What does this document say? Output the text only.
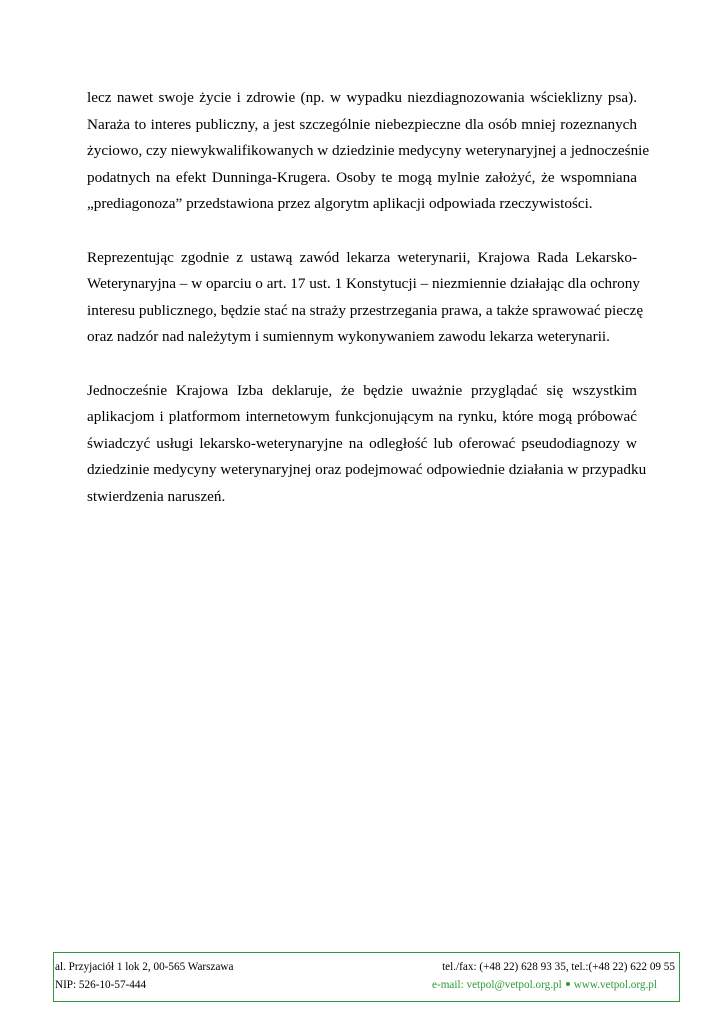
lecz nawet swoje życie i zdrowie (np. w wypadku niezdiagnozowania wścieklizny psa).
Naraża to interes publiczny, a jest szczególnie niebezpieczne dla osób mniej rozeznanych
życiowo, czy niewykwalifikowanych w dziedzinie medycyny weterynaryjnej a jednocześnie
podatnych na efekt Dunninga-Krugera. Osoby te mogą mylnie założyć, że wspomniana
„prediagonoza” przedstawiona przez algorytm aplikacji odpowiada rzeczywistości.

Reprezentując zgodnie z ustawą zawód lekarza weterynarii, Krajowa Rada Lekarsko-
Weterynaryjna – w oparciu o art. 17 ust. 1 Konstytucji – niezmiennie działając dla ochrony
interesu publicznego, będzie stać na straży przestrzegania prawa, a także sprawować pieczę
oraz nadzór nad należytym i sumiennym wykonywaniem zawodu lekarza weterynarii.

Jednocześnie Krajowa Izba deklaruje, że będzie uważnie przyglądać się wszystkim
aplikacjom i platformom internetowym funkcjonującym na rynku, które mogą próbować
świadczyć usługi lekarsko-weterynaryjne na odległość lub oferować pseudodiagnozy w
dziedzinie medycyny weterynaryjnej oraz podejmować odpowiednie działania w przypadku
stwierdzenia naruszeń.

al. Przyjaciół 1 lok 2, 00-565 Warszawa	tel./fax: (+48 22) 628 93 35, tel.:(+48 22) 622 09 55
NIP: 526-10-57-444	e-mail: vetpol@vetpol.org.pl www.vetpol.org.pl
